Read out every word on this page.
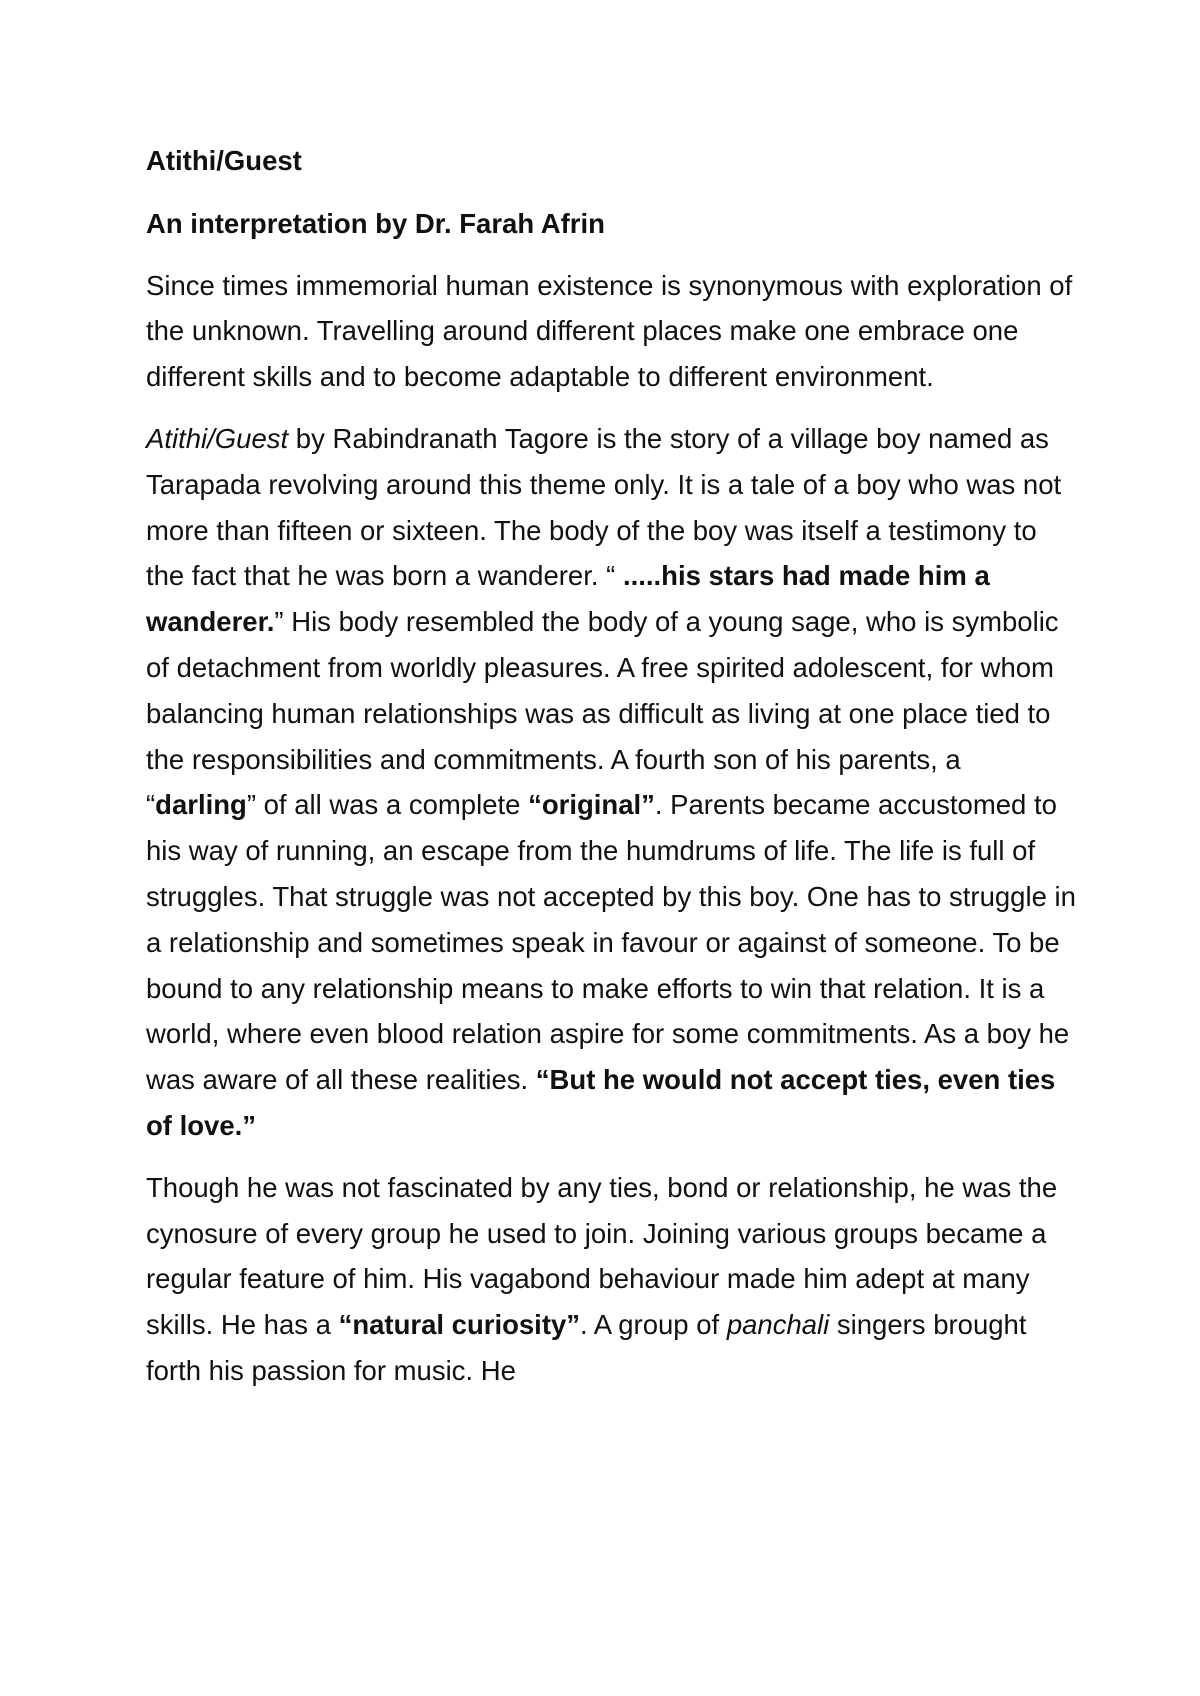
Atithi/Guest
An interpretation by Dr. Farah Afrin

Since times immemorial human existence is synonymous with exploration of the unknown. Travelling around different places make one embrace one different skills and to become adaptable to different environment.

Atithi/Guest by Rabindranath Tagore is the story of a village boy named as Tarapada revolving around this theme only. It is a tale of a boy who was not more than fifteen or sixteen. The body of the boy was itself a testimony to the fact that he was born a wanderer. “ .....his stars had made him a wanderer.” His body resembled the body of a young sage, who is symbolic of detachment from worldly pleasures. A free spirited adolescent, for whom balancing human relationships was as difficult as living at one place tied to the responsibilities and commitments. A fourth son of his parents, a “darling” of all was a complete “original”. Parents became accustomed to his way of running, an escape from the humdrums of life. The life is full of struggles. That struggle was not accepted by this boy. One has to struggle in a relationship and sometimes speak in favour or against of someone. To be bound to any relationship means to make efforts to win that relation. It is a world, where even blood relation aspire for some commitments. As a boy he was aware of all these realities. “But he would not accept ties, even ties of love.”

Though he was not fascinated by any ties, bond or relationship, he was the cynosure of every group he used to join. Joining various groups became a regular feature of him. His vagabond behaviour made him adept at many skills. He has a “natural curiosity”. A group of panchali singers brought forth his passion for music. He
